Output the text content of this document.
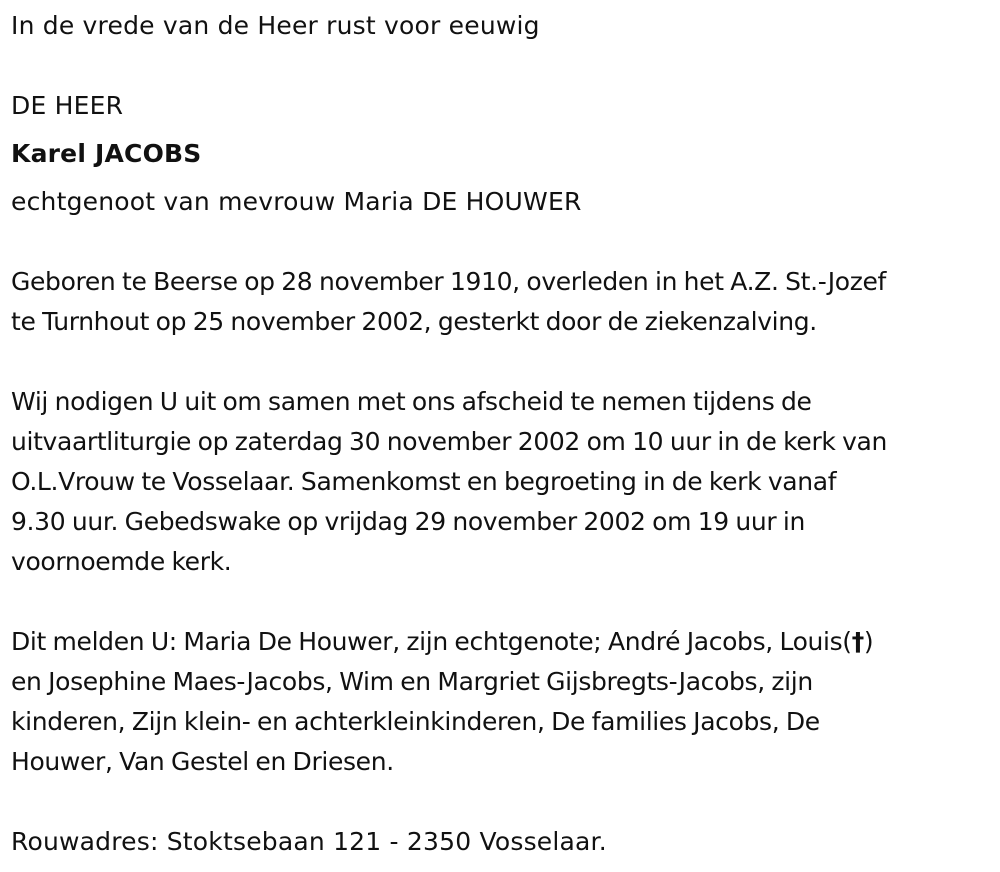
In de vrede van de Heer rust voor eeuwig
DE HEER
Karel JACOBS
echtgenoot van mevrouw Maria DE HOUWER
Geboren te Beerse op 28 november 1910, overleden in het A.Z. St.-Jozef
te Turnhout op 25 november 2002, gesterkt door de ziekenzalving.
Wij nodigen U uit om samen met ons afscheid te nemen tijdens de
uitvaartliturgie op zaterdag 30 november 2002 om 10 uur in de kerk van
O.L.Vrouw te Vosselaar. Samenkomst en begroeting in de kerk vanaf
9.30 uur. Gebedswake op vrijdag 29 november 2002 om 19 uur in
voornoemde kerk.
Dit melden U: Maria De Houwer, zijn echtgenote; André Jacobs, Louis(†)
en Josephine Maes-Jacobs, Wim en Margriet Gijsbregts-Jacobs, zijn
kinderen, Zijn klein- en achterkleinkinderen, De families Jacobs, De
Houwer, Van Gestel en Driesen.
Rouwadres: Stoktsebaan 121 - 2350 Vosselaar.
